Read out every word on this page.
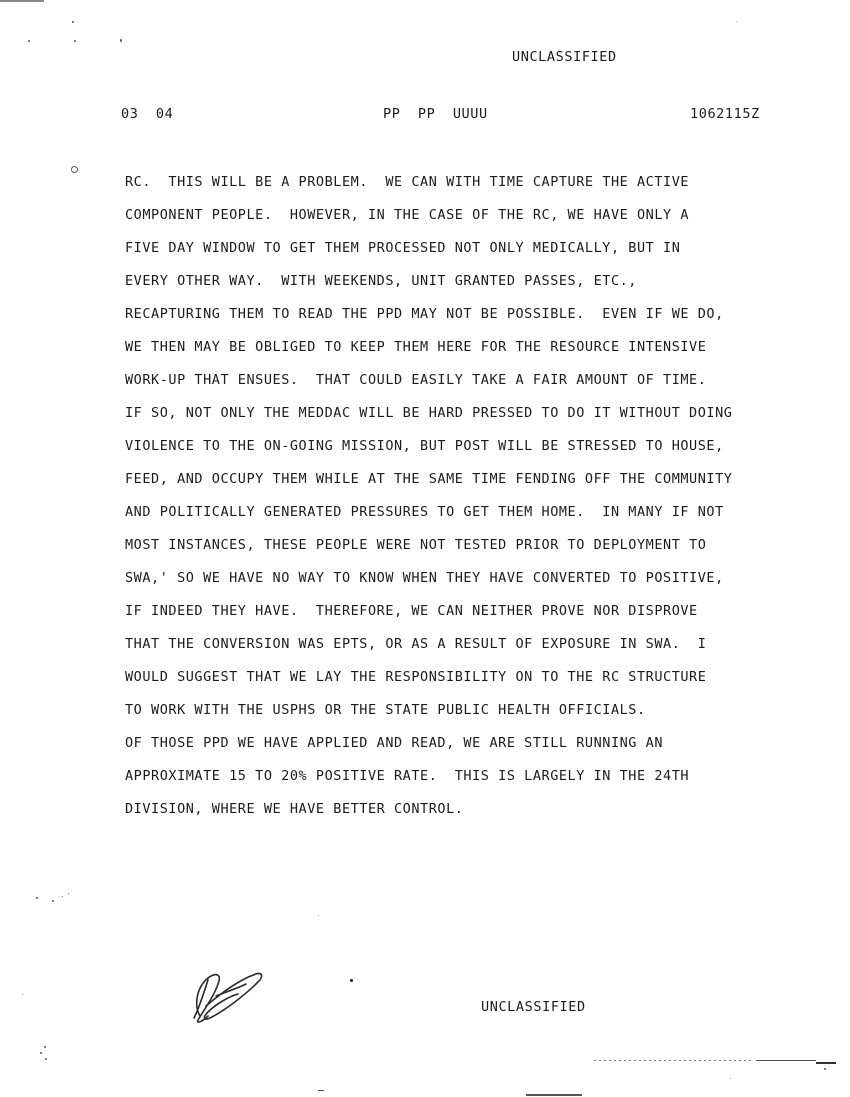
UNCLASSIFIED
03  04	PP  PP  UUUU	1062115Z
RC.  THIS WILL BE A PROBLEM.  WE CAN WITH TIME CAPTURE THE ACTIVE
COMPONENT PEOPLE.  HOWEVER, IN THE CASE OF THE RC, WE HAVE ONLY A
FIVE DAY WINDOW TO GET THEM PROCESSED NOT ONLY MEDICALLY, BUT IN
EVERY OTHER WAY.  WITH WEEKENDS, UNIT GRANTED PASSES, ETC.,
RECAPTURING THEM TO READ THE PPD MAY NOT BE POSSIBLE.  EVEN IF WE DO,
WE THEN MAY BE OBLIGED TO KEEP THEM HERE FOR THE RESOURCE INTENSIVE
WORK-UP THAT ENSUES.  THAT COULD EASILY TAKE A FAIR AMOUNT OF TIME.
IF SO, NOT ONLY THE MEDDAC WILL BE HARD PRESSED TO DO IT WITHOUT DOING
VIOLENCE TO THE ON-GOING MISSION, BUT POST WILL BE STRESSED TO HOUSE,
FEED, AND OCCUPY THEM WHILE AT THE SAME TIME FENDING OFF THE COMMUNITY
AND POLITICALLY GENERATED PRESSURES TO GET THEM HOME.  IN MANY IF NOT
MOST INSTANCES, THESE PEOPLE WERE NOT TESTED PRIOR TO DEPLOYMENT TO
SWA,' SO WE HAVE NO WAY TO KNOW WHEN THEY HAVE CONVERTED TO POSITIVE,
IF INDEED THEY HAVE.  THEREFORE, WE CAN NEITHER PROVE NOR DISPROVE
THAT THE CONVERSION WAS EPTS, OR AS A RESULT OF EXPOSURE IN SWA.  I
WOULD SUGGEST THAT WE LAY THE RESPONSIBILITY ON TO THE RC STRUCTURE
TO WORK WITH THE USPHS OR THE STATE PUBLIC HEALTH OFFICIALS.
OF THOSE PPD WE HAVE APPLIED AND READ, WE ARE STILL RUNNING AN
APPROXIMATE 15 TO 20% POSITIVE RATE.  THIS IS LARGELY IN THE 24TH
DIVISION, WHERE WE HAVE BETTER CONTROL.
UNCLASSIFIED
